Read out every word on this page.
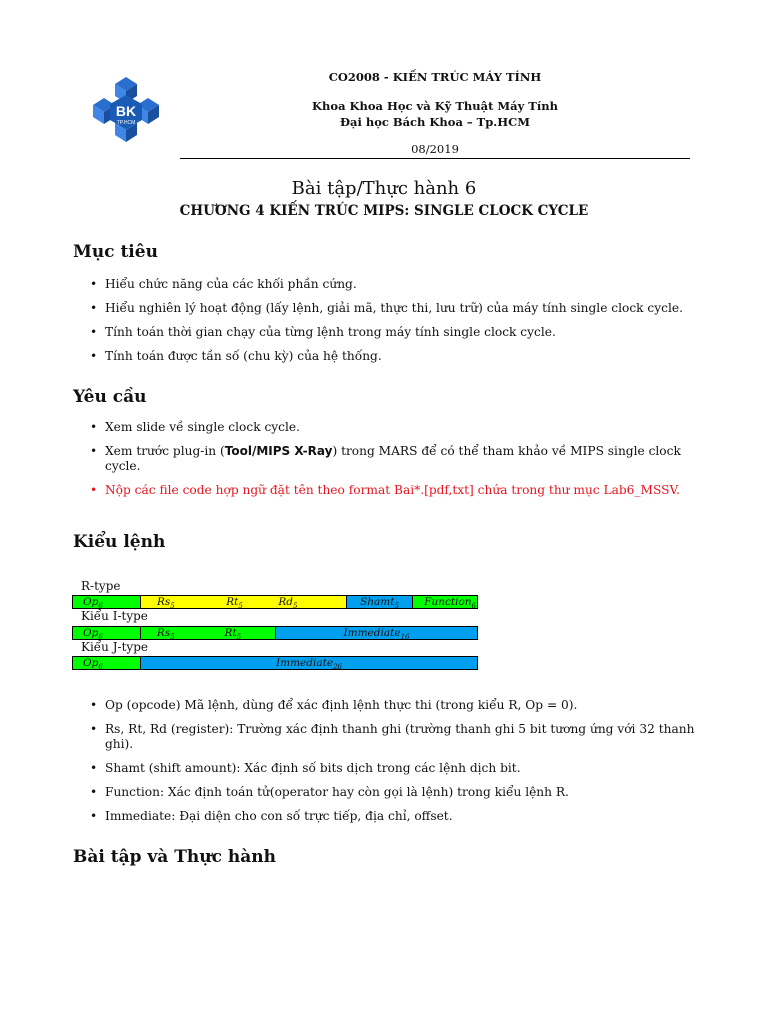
BK
TP.HCM
CO2008 - KIẾN TRÚC MÁY TÍNH
Khoa Khoa Học và Kỹ Thuật Máy Tính
Đại học Bách Khoa – Tp.HCM
08/2019
Bài tập/Thực hành 6
CHƯƠNG 4 KIẾN TRÚC MIPS: SINGLE CLOCK CYCLE
Mục tiêu
• Hiểu chức năng của các khối phần cứng.
• Hiểu nghiên lý hoạt động (lấy lệnh, giải mã, thực thi, lưu trữ) của máy tính single clock cycle.
• Tính toán thời gian chạy của từng lệnh trong máy tính single clock cycle.
• Tính toán được tần số (chu kỳ) của hệ thống.
Yêu cầu
• Xem slide về single clock cycle.
• Xem trước plug-in (Tool/MIPS X-Ray) trong MARS để có thể tham khảo về MIPS single clock cycle.
• Nộp các file code hợp ngữ đặt tên theo format Bai*.[pdf,txt] chứa trong thư mục Lab6_MSSV.
Kiểu lệnh
R-type
$Op_6$	$Rs_5$	$Rt_5$	$Rd_5$	Shamt$_5$	Function$_6$
Kiểu I-type
$Op_6$	$Rs_5$	$Rt_5$	Immediate$_{16}$
Kiểu J-type
$Op_6$	Immediate$_{26}$
• Op (opcode) Mã lệnh, dùng để xác định lệnh thực thi (trong kiểu R, Op = 0).
• Rs, Rt, Rd (register): Trường xác định thanh ghi (trường thanh ghi 5 bit tương ứng với 32 thanh ghi).
• Shamt (shift amount): Xác định số bits dịch trong các lệnh dịch bit.
• Function: Xác định toán tử(operator hay còn gọi là lệnh) trong kiểu lệnh R.
• Immediate: Đại diện cho con số trực tiếp, địa chỉ, offset.
Bài tập và Thực hành
